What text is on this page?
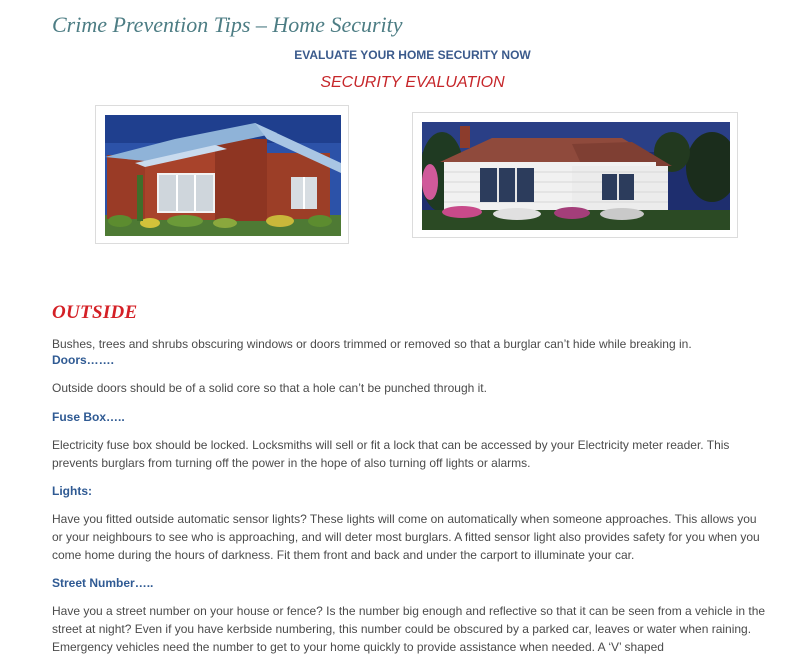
Crime Prevention Tips – Home Security
EVALUATE YOUR HOME SECURITY NOW
SECURITY EVALUATION
OUTSIDE
Bushes, trees and shrubs obscuring windows or doors trimmed or removed so that a burglar can’t hide while breaking in.
Doors…….
Outside doors should be of a solid core so that a hole can’t be punched through it.
Fuse Box…..
Electricity fuse box should be locked. Locksmiths will sell or fit a lock that can be accessed by your Electricity meter reader. This prevents burglars from turning off the power in the hope of also turning off lights or alarms.
Lights:
Have you fitted outside automatic sensor lights? These lights will come on automatically when someone approaches. This allows you or your neighbours to see who is approaching, and will deter most burglars. A fitted sensor light also provides safety for you when you come home during the hours of darkness. Fit them front and back and under the carport to illuminate your car.
Street Number…..
Have you a street number on your house or fence? Is the number big enough and reflective so that it can be seen from a vehicle in the street at night? Even if you have kerbside numbering, this number could be obscured by a parked car, leaves or water when raining. Emergency vehicles need the number to get to your home quickly to provide assistance when needed. A ‘V’ shaped
